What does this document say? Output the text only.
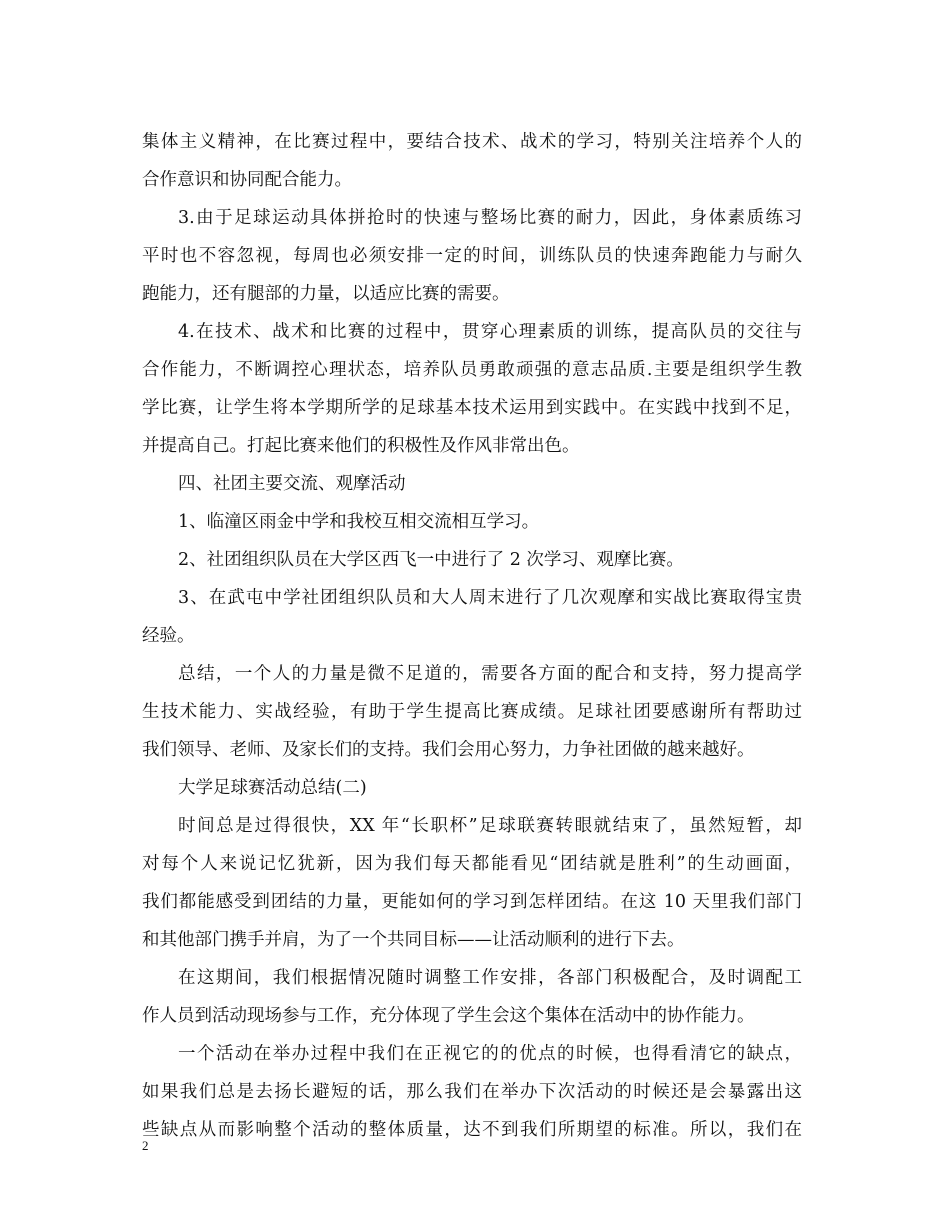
集体主义精神，在比赛过程中，要结合技术、战术的学习，特别关注培养个人的
合作意识和协同配合能力。
3.由于足球运动具体拼抢时的快速与整场比赛的耐力，因此，身体素质练习
平时也不容忽视，每周也必须安排一定的时间，训练队员的快速奔跑能力与耐久
跑能力，还有腿部的力量，以适应比赛的需要。
4.在技术、战术和比赛的过程中，贯穿心理素质的训练，提高队员的交往与
合作能力，不断调控心理状态，培养队员勇敢顽强的意志品质.主要是组织学生教
学比赛，让学生将本学期所学的足球基本技术运用到实践中。在实践中找到不足，
并提高自己。打起比赛来他们的积极性及作风非常出色。
四、社团主要交流、观摩活动
1、临潼区雨金中学和我校互相交流相互学习。
2、社团组织队员在大学区西飞一中进行了 2 次学习、观摩比赛。
3、在武屯中学社团组织队员和大人周末进行了几次观摩和实战比赛取得宝贵
经验。
总结，一个人的力量是微不足道的，需要各方面的配合和支持，努力提高学
生技术能力、实战经验，有助于学生提高比赛成绩。足球社团要感谢所有帮助过
我们领导、老师、及家长们的支持。我们会用心努力，力争社团做的越来越好。
大学足球赛活动总结(二)
时间总是过得很快，XX 年“长职杯”足球联赛转眼就结束了，虽然短暂，却
对每个人来说记忆犹新，因为我们每天都能看见“团结就是胜利”的生动画面，
我们都能感受到团结的力量，更能如何的学习到怎样团结。在这 10 天里我们部门
和其他部门携手并肩，为了一个共同目标——让活动顺利的进行下去。
在这期间，我们根据情况随时调整工作安排，各部门积极配合，及时调配工
作人员到活动现场参与工作，充分体现了学生会这个集体在活动中的协作能力。
一个活动在举办过程中我们在正视它的的优点的时候，也得看清它的缺点，
如果我们总是去扬长避短的话，那么我们在举办下次活动的时候还是会暴露出这
些缺点从而影响整个活动的整体质量，达不到我们所期望的标准。所以，我们在
2
